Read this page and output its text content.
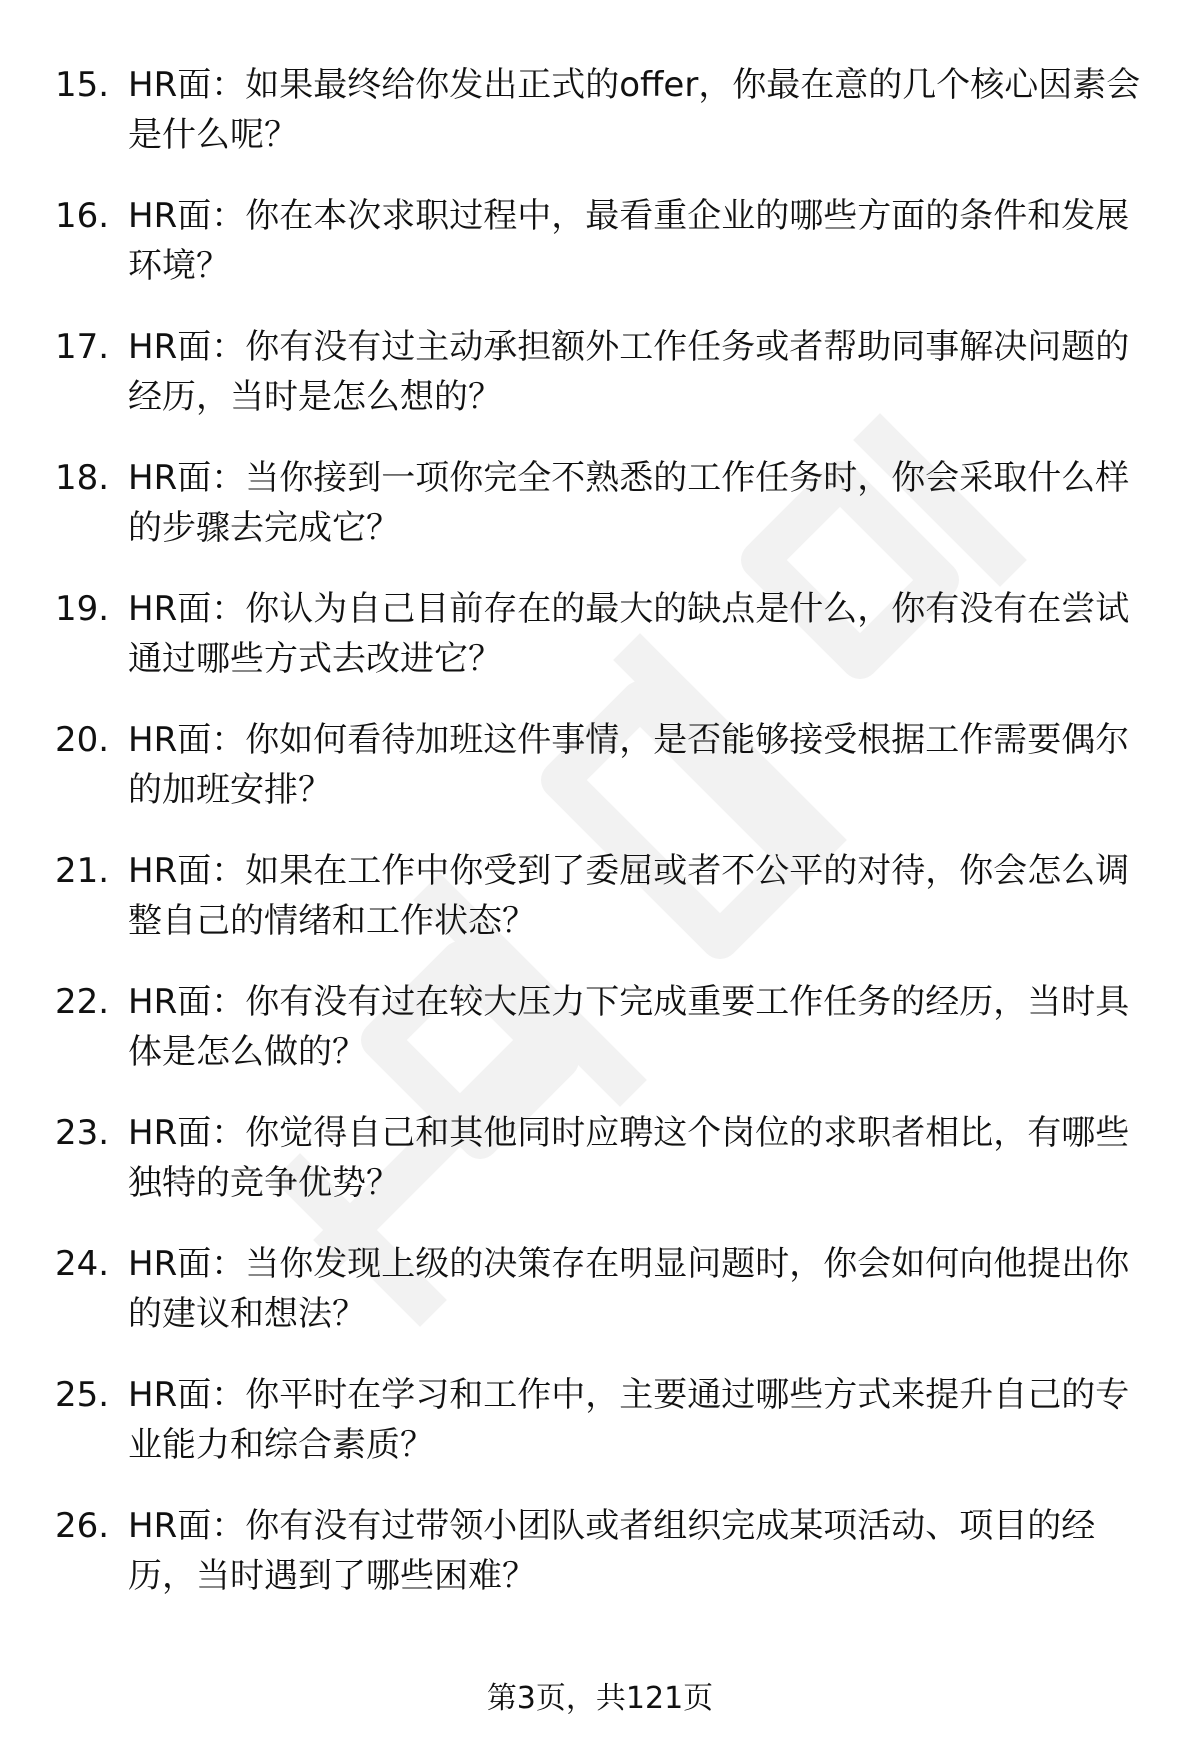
15. HR面：如果最终给你发出正式的offer，你最在意的几个核心因素会是什么呢？

16. HR面：你在本次求职过程中，最看重企业的哪些方面的条件和发展环境？

17. HR面：你有没有过主动承担额外工作任务或者帮助同事解决问题的经历，当时是怎么想的？

18. HR面：当你接到一项你完全不熟悉的工作任务时，你会采取什么样的步骤去完成它？

19. HR面：你认为自己目前存在的最大的缺点是什么，你有没有在尝试通过哪些方式去改进它？

20. HR面：你如何看待加班这件事情，是否能够接受根据工作需要偶尔的加班安排？

21. HR面：如果在工作中你受到了委屈或者不公平的对待，你会怎么调整自己的情绪和工作状态？

22. HR面：你有没有过在较大压力下完成重要工作任务的经历，当时具体是怎么做的？

23. HR面：你觉得自己和其他同时应聘这个岗位的求职者相比，有哪些独特的竞争优势？

24. HR面：当你发现上级的决策存在明显问题时，你会如何向他提出你的建议和想法？

25. HR面：你平时在学习和工作中，主要通过哪些方式来提升自己的专业能力和综合素质？

26. HR面：你有没有过带领小团队或者组织完成某项活动、项目的经历，当时遇到了哪些困难？

第3页，共121页
